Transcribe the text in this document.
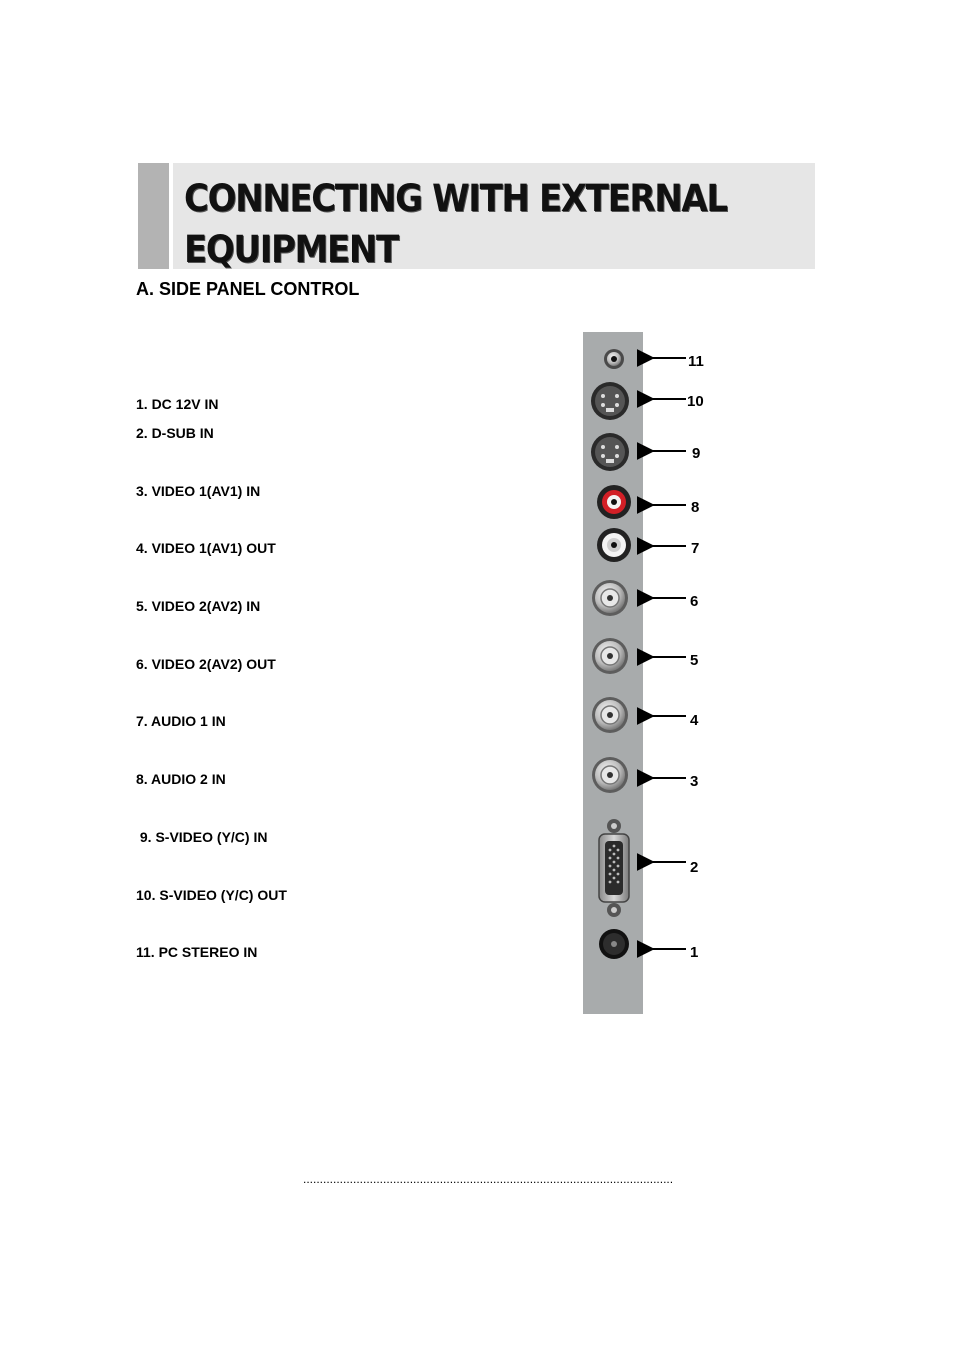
CONNECTING WITH EXTERNAL
EQUIPMENT
A. SIDE PANEL CONTROL
1. DC 12V IN
2. D-SUB IN
3. VIDEO 1(AV1) IN
4. VIDEO 1(AV1) OUT
5. VIDEO 2(AV2) IN
6. VIDEO 2(AV2) OUT
7. AUDIO 1 IN
8. AUDIO 2 IN
9. S-VIDEO (Y/C) IN
10. S-VIDEO (Y/C) OUT
11. PC STEREO IN
11
10
9
8
7
6
5
4
3
2
1
...............................................................................................................
